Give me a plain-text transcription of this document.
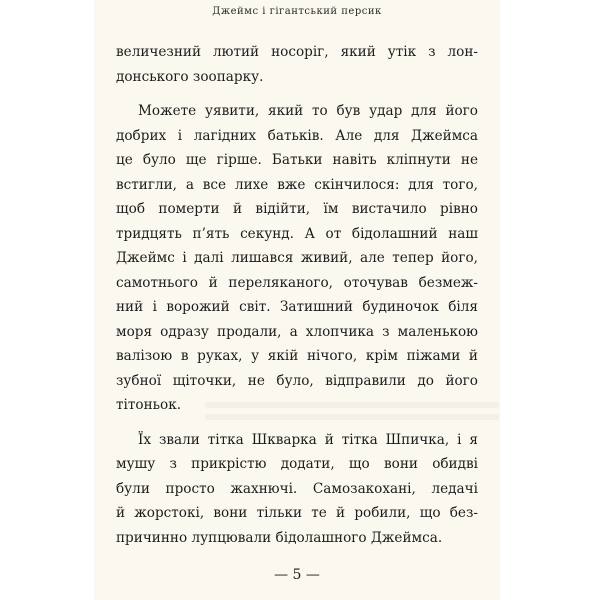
Джеймс і гігантський персик
величезний лютий носоріг, який утік з лон-
донського зоопарку.
Можете уявити, який то був удар для його
добрих і лагідних батьків. Але для Джеймса
це було ще гірше. Батьки навіть кліпнути не
встигли, а все лихе вже скінчилося: для того,
щоб померти й відійти, їм вистачило рівно
тридцять п’ять секунд. А от бідолашний наш
Джеймс і далі лишався живий, але тепер його,
самотнього й переляканого, оточував безмеж-
ний і ворожий світ. Затишний будиночок біля
моря одразу продали, а хлопчика з маленькою
валізою в руках, у якій нічого, крім піжами й
зубної щіточки, не було, відправили до його
тітоньок.
Їх звали тітка Шкварка й тітка Шпичка, і я
мушу з прикрістю додати, що вони обидві
були просто жахнючі. Самозакохані, ледачі
й жорстокі, вони тільки те й робили, що без-
причинно лупцювали бідолашного Джеймса.
— 5 —
